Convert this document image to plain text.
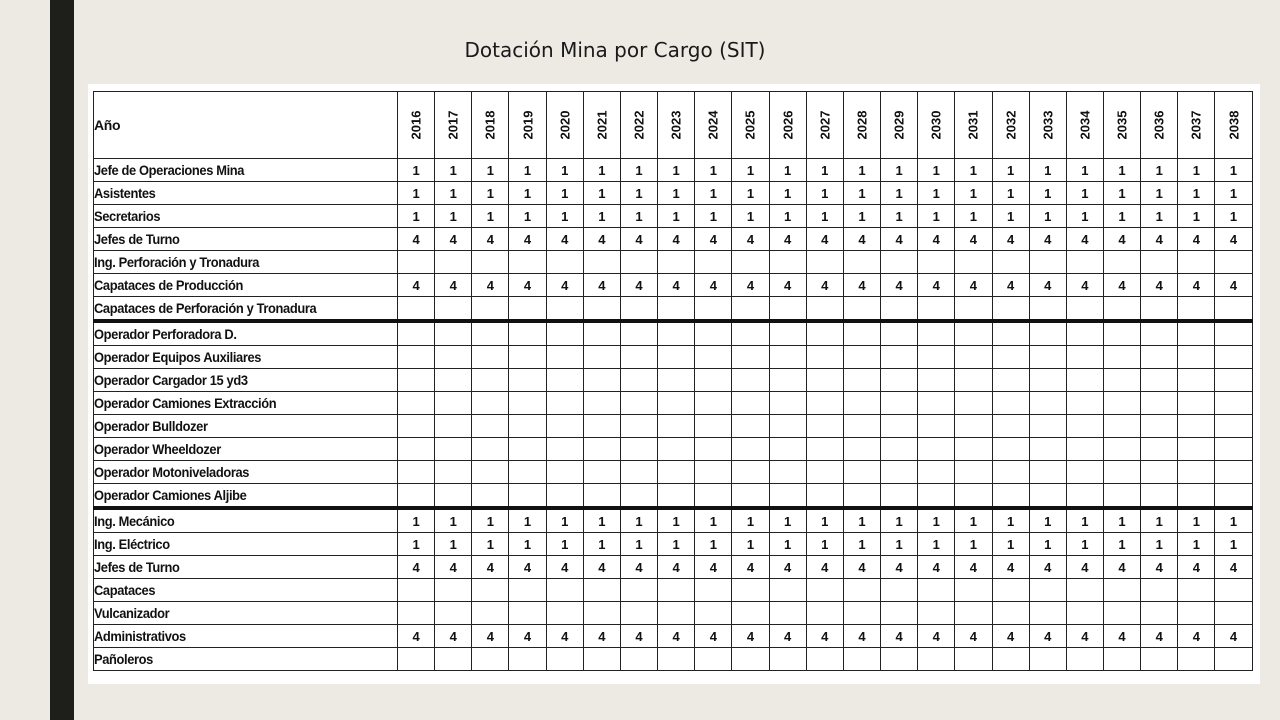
Dotación Mina por Cargo (SIT)
Año	2016	2017	2018	2019	2020	2021	2022	2023	2024	2025	2026	2027	2028	2029	2030	2031	2032	2033	2034	2035	2036	2037	2038

Jefe de Operaciones Mina	1	1	1	1	1	1	1	1	1	1	1	1	1	1	1	1	1	1	1	1	1	1	1
Asistentes	1	1	1	1	1	1	1	1	1	1	1	1	1	1	1	1	1	1	1	1	1	1	1
Secretarios	1	1	1	1	1	1	1	1	1	1	1	1	1	1	1	1	1	1	1	1	1	1	1
Jefes de Turno	4	4	4	4	4	4	4	4	4	4	4	4	4	4	4	4	4	4	4	4	4	4	4
Ing. Perforación y Tronadura																							
Capataces de Producción	4	4	4	4	4	4	4	4	4	4	4	4	4	4	4	4	4	4	4	4	4	4	4
Capataces de Perforación y Tronadura																							
Operador Perforadora D.																							
Operador Equipos Auxiliares																							
Operador Cargador 15 yd3																							
Operador Camiones Extracción																							
Operador Bulldozer																							
Operador Wheeldozer																							
Operador Motoniveladoras																							
Operador Camiones Aljibe																							
Ing. Mecánico	1	1	1	1	1	1	1	1	1	1	1	1	1	1	1	1	1	1	1	1	1	1	1
Ing. Eléctrico	1	1	1	1	1	1	1	1	1	1	1	1	1	1	1	1	1	1	1	1	1	1	1
Jefes de Turno	4	4	4	4	4	4	4	4	4	4	4	4	4	4	4	4	4	4	4	4	4	4	4
Capataces																							
Vulcanizador																							
Administrativos	4	4	4	4	4	4	4	4	4	4	4	4	4	4	4	4	4	4	4	4	4	4	4
Pañoleros																							
